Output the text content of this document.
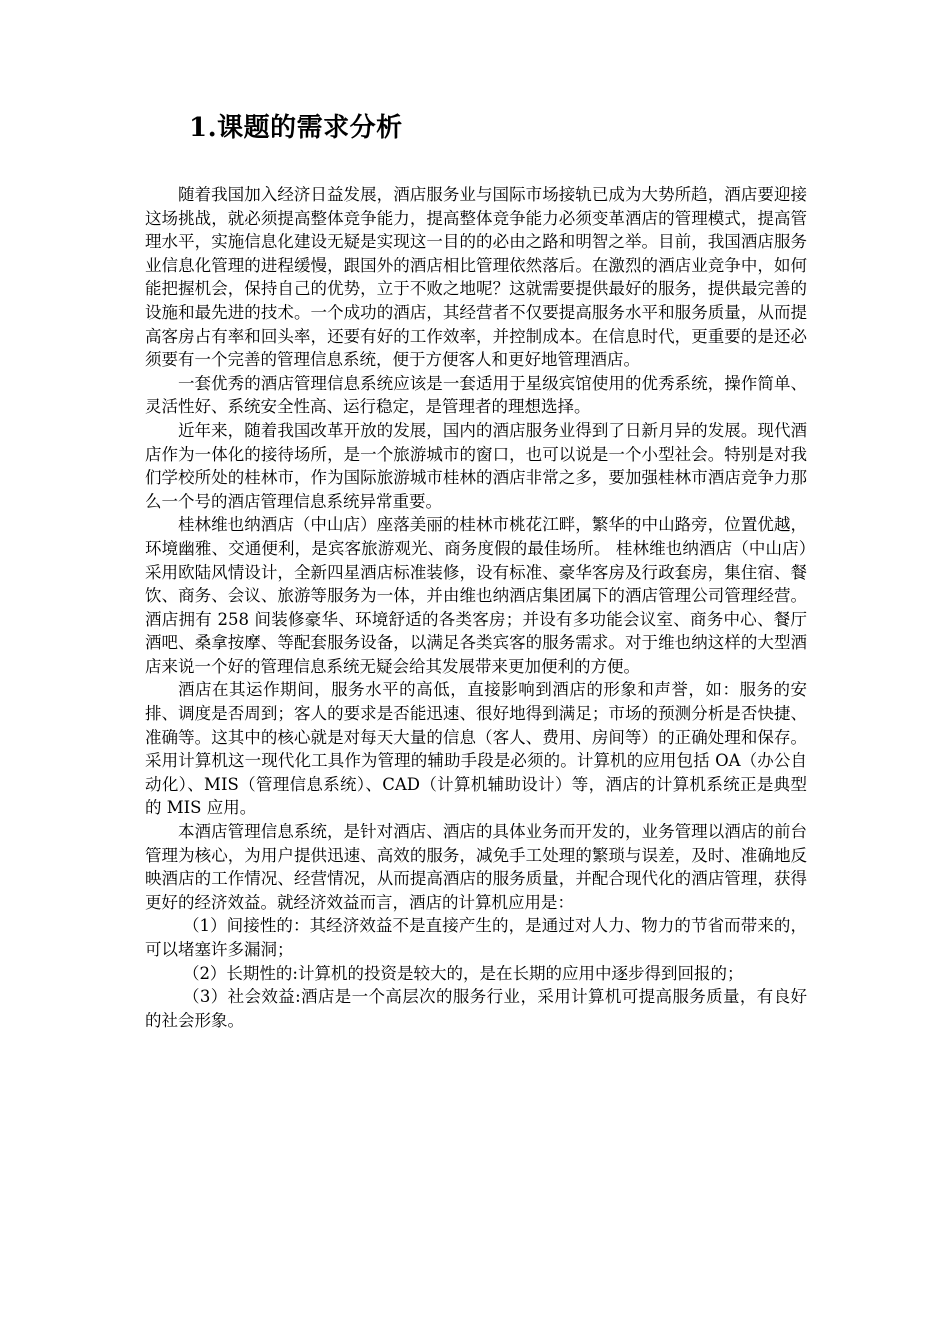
1.课题的需求分析

随着我国加入经济日益发展，酒店服务业与国际市场接轨已成为大势所趋，酒店要迎接这场挑战，就必须提高整体竞争能力，提高整体竞争能力必须变革酒店的管理模式，提高管理水平，实施信息化建设无疑是实现这一目的的必由之路和明智之举。目前，我国酒店服务业信息化管理的进程缓慢，跟国外的酒店相比管理依然落后。在激烈的酒店业竞争中，如何能把握机会，保持自己的优势，立于不败之地呢？这就需要提供最好的服务，提供最完善的设施和最先进的技术。一个成功的酒店，其经营者不仅要提高服务水平和服务质量，从而提高客房占有率和回头率，还要有好的工作效率，并控制成本。在信息时代，更重要的是还必须要有一个完善的管理信息系统，便于方便客人和更好地管理酒店。

一套优秀的酒店管理信息系统应该是一套适用于星级宾馆使用的优秀系统，操作简单、灵活性好、系统安全性高、运行稳定，是管理者的理想选择。

近年来，随着我国改革开放的发展，国内的酒店服务业得到了日新月异的发展。现代酒店作为一体化的接待场所，是一个旅游城市的窗口，也可以说是一个小型社会。特别是对我们学校所处的桂林市，作为国际旅游城市桂林的酒店非常之多，要加强桂林市酒店竞争力那么一个号的酒店管理信息系统异常重要。

桂林维也纳酒店（中山店）座落美丽的桂林市桃花江畔，繁华的中山路旁，位置优越，环境幽雅、交通便利，是宾客旅游观光、商务度假的最佳场所。 桂林维也纳酒店（中山店）采用欧陆风情设计，全新四星酒店标准装修，设有标准、豪华客房及行政套房，集住宿、餐饮、商务、会议、旅游等服务为一体，并由维也纳酒店集团属下的酒店管理公司管理经营。酒店拥有 258 间装修豪华、环境舒适的各类客房；并设有多功能会议室、商务中心、餐厅酒吧、桑拿按摩、等配套服务设备，以满足各类宾客的服务需求。对于维也纳这样的大型酒店来说一个好的管理信息系统无疑会给其发展带来更加便利的方便。

酒店在其运作期间，服务水平的高低，直接影响到酒店的形象和声誉，如：服务的安排、调度是否周到；客人的要求是否能迅速、很好地得到满足；市场的预测分析是否快捷、准确等。这其中的核心就是对每天大量的信息（客人、费用、房间等）的正确处理和保存。采用计算机这一现代化工具作为管理的辅助手段是必须的。计算机的应用包括 OA（办公自动化）、MIS（管理信息系统）、CAD（计算机辅助设计）等，酒店的计算机系统正是典型的 MIS 应用。

本酒店管理信息系统，是针对酒店、酒店的具体业务而开发的，业务管理以酒店的前台管理为核心，为用户提供迅速、高效的服务，减免手工处理的繁琐与误差，及时、准确地反映酒店的工作情况、经营情况，从而提高酒店的服务质量，并配合现代化的酒店管理，获得更好的经济效益。就经济效益而言，酒店的计算机应用是：

（1）间接性的：其经济效益不是直接产生的，是通过对人力、物力的节省而带来的，可以堵塞许多漏洞；

（2）长期性的:计算机的投资是较大的，是在长期的应用中逐步得到回报的；

（3）社会效益:酒店是一个高层次的服务行业，采用计算机可提高服务质量，有良好的社会形象。
